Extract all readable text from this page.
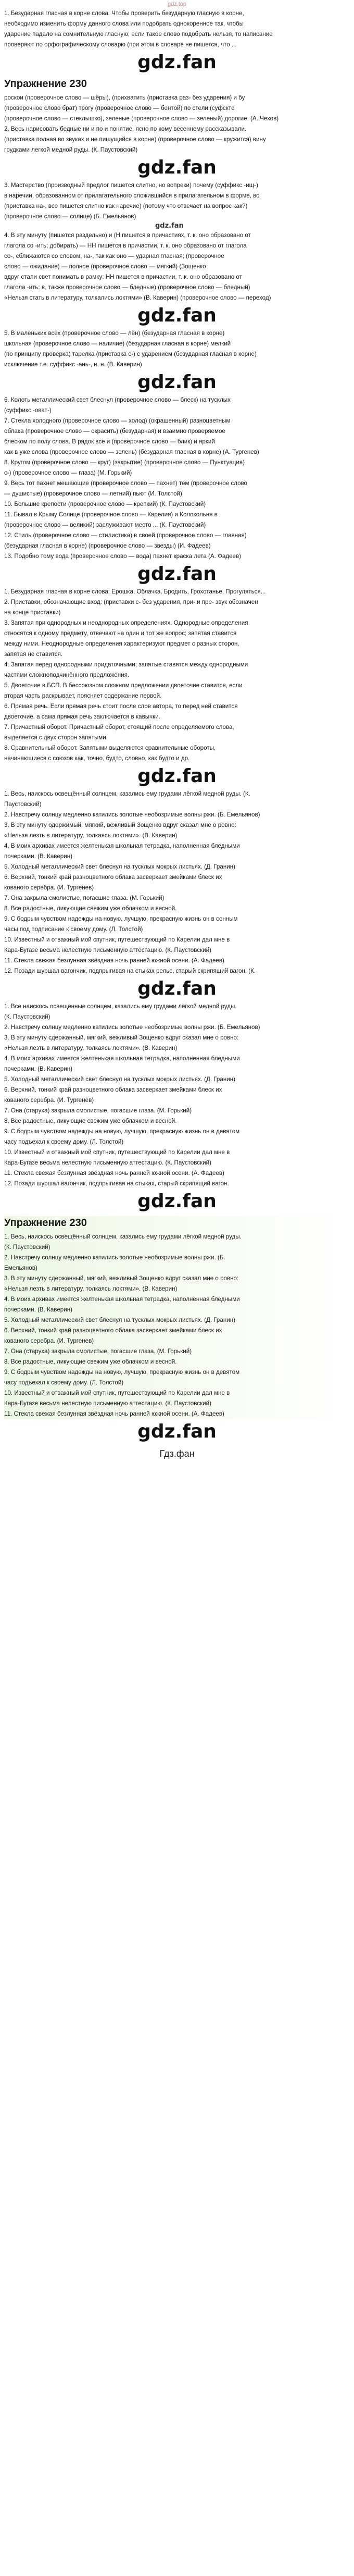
gdz.top
1. Безударная гласная в корне слова. Чтобы проверить безударную гласную в корне,
необходимо изменить форму данного слова или подобрать однокоренное так, чтобы
ударение падало на сомнительную гласную; если такое слово подобрать нельзя, то написание
проверяют по орфографическому словарю (при этом в словаре не пишется, что ...
gdz.fan
Упражнение 230
роскои (проверочное слово — шёры), (прихватить (приставка раз- без ударения) и бу
(проверочное слово брат) трогу (проверочное слово — бентой) по стели (суфскте
(проверочное слово — стеклышко), зеленые (проверочное слово — зеленый) дорогие. (А. Чехов)
2. Весь нарисовать бедные ни и по и понятие, ясно по кому весеннему рассказывали.
(приставка полная во звуках и не пишущийся в корне) (проверочное слово — кружится) вину
грудками легкой медной руды. (К. Паустовский)
gdz.fan
3. Мастерство (производный предлог пишется слитно, но вопреки) почему (суффикс -ищ-)
в наречии, образованном от прилагательного сложившийся в прилагательном в форме, во
(приставка на-, все пишется слитно как наречие) (потому что отвечает на вопрос как?)
(проверочное слово — солнце) (Б. Емельянов)
gdz.fan
4. В эту минуту (пишется раздельно) и (Н пишется в причастиях, т. к. оно образовано от
глагола со -ить; добирать) — НН пишется в причастии, т. к. оно образовано от глагола
со-, сближаются со словом, на-, так как оно — ударная гласная; (проверочное
слово — ожидание) — полное (проверочное слово — мягкий) (Зощенко
вдруг стали свет понимать в рамку: НН пишется в причастии, т. к. оно образовано от
глагола -ить: в, также проверочное слово — бледные) (проверочное слово — бледный)
«Нельзя стать в литературу, толкались локтями» (В. Каверин) (проверочное слово — переход)
gdz.fan
5. В маленьких всех (проверочное слово — лён) (безударная гласная в корне)
школьная (проверочное слово — наличие) (безударная гласная в корне) мелкий
(по принципу проверка) тарелка (приставка с-) с ударением (безударная гласная в корне)
исключение т.е. суффикс -ань-, н. н. (В. Каверин)
gdz.fan
6. Колоть металлический свет блеснул (проверочное слово — блеск) на тусклых
(суффикс -оват-)
7. Стекла холодного (проверочное слово — холод) (окрашенный) разноцветным
облака (проверочное слово — окрасить) (безударная) и взаимно проверяемое
блеском по полу слова. В рядок все и (проверочное слово — блик) и яркий
как в уже слова (проверочное слово — зелень) (безударная гласная в корне) (А. Тургенев)
8. Кругом (проверочное слово — круг) (закрытие) (проверочное слово — Пунктуация)
с-) (проверочное слово — глаза) (М. Горький)
9. Весь тот пахнет мешающие (проверочное слово — пахнет) тем (проверочное слово
— душистые) (проверочное слово — летний) пьют (И. Толстой)
10. Большие крепости (проверочное слово — крепкий) (К. Паустовский)
11. Бывал в Крыму Солнце (проверочное слово — Карелия) и Колокольня в
(проверочное слово — великий) заслуживают место ... (К. Паустовский)
12. Стиль (проверочное слово — стилистика) в своей (проверочное слово — главная)
(безударная гласная в корне) (проверочное слово — звезды) (И. Фадеев)
13. Подобно тому вода (проверочное слово — вода) пахнет краска лета (А. Фадеев)
gdz.fan
1. Безударная гласная в корне слова: Ерошка, Облачка, Бродить, Грохотанье, Прогуляться...
2. Приставки, обозначающие вход: (приставки с- без ударения, при- и пре- звук обозначен
на конце приставки)
3. Запятая при однородных и неоднородных определениях. Однородные определения
относятся к одному предмету, отвечают на один и тот же вопрос; запятая ставится
между ними. Неоднородные определения характеризуют предмет с разных сторон,
запятая не ставится.
4. Запятая перед однородными придаточными; запятые ставятся между однородными
частями сложноподчинённого предложения.
5. Двоеточие в БСП. В бессоюзном сложном предложении двоеточие ставится, если
вторая часть раскрывает, поясняет содержание первой.
6. Прямая речь. Если прямая речь стоит после слов автора, то перед ней ставится
двоеточие, а сама прямая речь заключается в кавычки.
7. Причастный оборот. Причастный оборот, стоящий после определяемого слова,
выделяется с двух сторон запятыми.
8. Сравнительный оборот. Запятыми выделяются сравнительные обороты,
начинающиеся с союзов как, точно, будто, словно, как будто и др.
gdz.fan
1. Весь, наискось освещённый солнцем, казались ему грудами лёгкой медной руды. (К.
Паустовский)
2. Навстречу солнцу медленно катились золотые необозримые волны ржи. (Б. Емельянов)
3. В эту минуту одержимый, мягкий, вежливый Зощенко вдруг сказал мне о ровно:
«Нельзя лезть в литературу, толкаясь локтями». (В. Каверин)
4. В моих архивах имеется желтенькая школьная тетрадка, наполненная бледными
почерками. (В. Каверин)
5. Холодный металлический свет блеснул на тусклых мокрых листьях. (Д. Гранин)
6. Верхний, тонкий край разноцветного облака засверкает змейками блеск их
кованого серебра. (И. Тургенев)
7. Она закрыла смолистые, погасшие глаза. (М. Горький)
8. Все радостные, ликующие свежим уже облачком и весной.
9. С бодрым чувством надежды на новую, лучшую, прекрасную жизнь он в сонным
часы под подписание к своему дому. (Л. Толстой)
10. Известный и отважный мой спутник, путешествующий по Карелии дал мне в
Кара-Бугазе весьма нелестную письменную аттестацию. (К. Паустовский)
11. Стекла свежая безлунная звёздная ночь ранней южной осени. (А. Фадеев)
12. Позади шуршал вагончик, подпрыгивая на стыках рельс, старый скрипящий вагон. (К.
gdz.fan
1. Все наискось освещённые солнцем, казались ему грудами лёгкой медной руды.
(К. Паустовский)
2. Навстречу солнцу медленно катились золотые необозримые волны ржи. (Б. Емельянов)
3. В эту минуту сдержанный, мягкий, вежливый Зощенко вдруг сказал мне о ровно:
«Нельзя лезть в литературу, толкаясь локтями». (В. Каверин)
4. В моих архивах имеется желтенькая школьная тетрадка, наполненная бледными
почерками. (В. Каверин)
5. Холодный металлический свет блеснул на тусклых мокрых листьях. (Д. Гранин)
6. Верхний, тонкий край разноцветного облака засверкает змейками блеск их
кованого серебра. (И. Тургенев)
7. Она (старуха) закрыла смолистые, погасшие глаза. (М. Горький)
8. Все радостные, ликующие свежим уже облачком и весной.
9. С бодрым чувством надежды на новую, лучшую, прекрасную жизнь он в девятом
часу подъехал к своему дому. (Л. Толстой)
10. Известный и отважный мой спутник, путешествующий по Карелии дал мне в
Кара-Бугазе весьма нелестную письменную аттестацию. (К. Паустовский)
11. Стекла свежая безлунная звёздная ночь ранней южной осени. (А. Фадеев)
12. Позади шуршал вагончик, подпрыгивая на стыках, старый скрипящий вагон.
gdz.fan
Упражнение 230
1. Весь, наискось освещённый солнцем, казались ему грудами лёгкой медной руды.
(К. Паустовский)
2. Навстречу солнцу медленно катились золотые необозримые волны ржи. (Б.
Емельянов)
3. В эту минуту сдержанный, мягкий, вежливый Зощенко вдруг сказал мне о ровно:
«Нельзя лезть в литературу, толкаясь локтями». (В. Каверин)
4. В моих архивах имеется желтенькая школьная тетрадка, наполненная бледными
почерками. (В. Каверин)
5. Холодный металлический свет блеснул на тусклых мокрых листьях. (Д. Гранин)
6. Верхний, тонкий край разноцветного облака засверкает змейками блеск их
кованого серебра. (И. Тургенев)
7. Она (старуха) закрыла смолистые, погасшие глаза. (М. Горький)
8. Все радостные, ликующие свежим уже облачком и весной.
9. С бодрым чувством надежды на новую, лучшую, прекрасную жизнь он в девятом
часу подъехал к своему дому. (Л. Толстой)
10. Известный и отважный мой спутник, путешествующий по Карелии дал мне в
Кара-Бугазе весьма нелестную письменную аттестацию. (К. Паустовский)
11. Стекла свежая безлунная звёздная ночь ранней южной осени. (А. Фадеев)
gdz.fan
Гдз.фан
